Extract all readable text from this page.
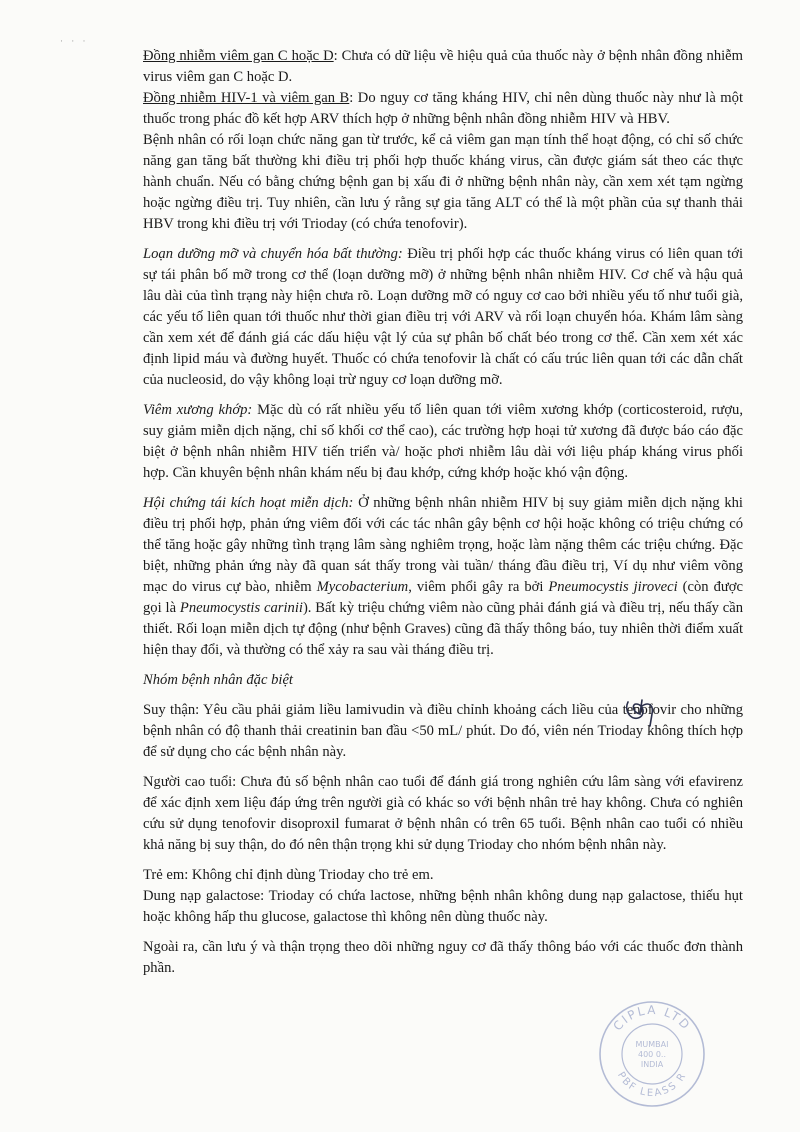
· · ·

Đồng nhiễm viêm gan C hoặc D: Chưa có dữ liệu về hiệu quả của thuốc này ở bệnh nhân đồng nhiễm virus viêm gan C hoặc D.

Đồng nhiễm HIV-1 và viêm gan B: Do nguy cơ tăng kháng HIV, chỉ nên dùng thuốc này như là một thuốc trong phác đồ kết hợp ARV thích hợp ở những bệnh nhân đồng nhiễm HIV và HBV.

Bệnh nhân có rối loạn chức năng gan từ trước, kể cả viêm gan mạn tính thể hoạt động, có chỉ số chức năng gan tăng bất thường khi điều trị phối hợp thuốc kháng virus, cần được giám sát theo các thực hành chuẩn. Nếu có bằng chứng bệnh gan bị xấu đi ở những bệnh nhân này, cần xem xét tạm ngừng hoặc ngừng điều trị. Tuy nhiên, cần lưu ý rằng sự gia tăng ALT có thể là một phần của sự thanh thải HBV trong khi điều trị với Trioday (có chứa tenofovir).

Loạn dưỡng mỡ và chuyển hóa bất thường: Điều trị phối hợp các thuốc kháng virus có liên quan tới sự tái phân bố mỡ trong cơ thể (loạn dưỡng mỡ) ở những bệnh nhân nhiễm HIV. Cơ chế và hậu quả lâu dài của tình trạng này hiện chưa rõ. Loạn dưỡng mỡ có nguy cơ cao bởi nhiều yếu tố như tuổi già, các yếu tố liên quan tới thuốc như thời gian điều trị với ARV và rối loạn chuyển hóa. Khám lâm sàng cần xem xét để đánh giá các dấu hiệu vật lý của sự phân bố chất béo trong cơ thể. Cần xem xét xác định lipid máu và đường huyết. Thuốc có chứa tenofovir là chất có cấu trúc liên quan tới các dẫn chất của nucleosid, do vậy không loại trừ nguy cơ loạn dưỡng mỡ.

Viêm xương khớp: Mặc dù có rất nhiều yếu tố liên quan tới viêm xương khớp (corticosteroid, rượu, suy giảm miễn dịch nặng, chỉ số khối cơ thể cao), các trường hợp hoại tử xương đã được báo cáo đặc biệt ở bệnh nhân nhiễm HIV tiến triển và/ hoặc phơi nhiễm lâu dài với liệu pháp kháng virus phối hợp. Cần khuyên bệnh nhân khám nếu bị đau khớp, cứng khớp hoặc khó vận động.

Hội chứng tái kích hoạt miễn dịch: Ở những bệnh nhân nhiễm HIV bị suy giảm miễn dịch nặng khi điều trị phối hợp, phản ứng viêm đối với các tác nhân gây bệnh cơ hội hoặc không có triệu chứng có thể tăng hoặc gây những tình trạng lâm sàng nghiêm trọng, hoặc làm nặng thêm các triệu chứng. Đặc biệt, những phản ứng này đã quan sát thấy trong vài tuần/ tháng đầu điều trị, Ví dụ như viêm võng mạc do virus cự bào, nhiễm Mycobacterium, viêm phổi gây ra bởi Pneumocystis jiroveci (còn được gọi là Pneumocystis carinii). Bất kỳ triệu chứng viêm nào cũng phải đánh giá và điều trị, nếu thấy cần thiết. Rối loạn miễn dịch tự động (như bệnh Graves) cũng đã thấy thông báo, tuy nhiên thời điểm xuất hiện thay đổi, và thường có thể xảy ra sau vài tháng điều trị.

Nhóm bệnh nhân đặc biệt

Suy thận: Yêu cầu phải giảm liều lamivudin và điều chỉnh khoảng cách liều của tenofovir cho những bệnh nhân có độ thanh thải creatinin ban đầu <50 mL/ phút. Do đó, viên nén Trioday không thích hợp để sử dụng cho các bệnh nhân này.

Người cao tuổi: Chưa đủ số bệnh nhân cao tuổi để đánh giá trong nghiên cứu lâm sàng với efavirenz để xác định xem liệu đáp ứng trên người già có khác so với bệnh nhân trẻ hay không. Chưa có nghiên cứu sử dụng tenofovir disoproxil fumarat ở bệnh nhân có trên 65 tuổi. Bệnh nhân cao tuổi có nhiều khả năng bị suy thận, do đó nên thận trọng khi sử dụng Trioday cho nhóm bệnh nhân này.

Trẻ em: Không chỉ định dùng Trioday cho trẻ em.

Dung nạp galactose: Trioday có chứa lactose, những bệnh nhân không dung nạp galactose, thiếu hụt hoặc không hấp thu glucose, galactose thì không nên dùng thuốc này.

Ngoài ra, cần lưu ý và thận trọng theo dõi những nguy cơ đã thấy thông báo với các thuốc đơn thành phần.

CIPLA LTD
MUMBAI
400 0..
INDIA
PBF LEASS R
